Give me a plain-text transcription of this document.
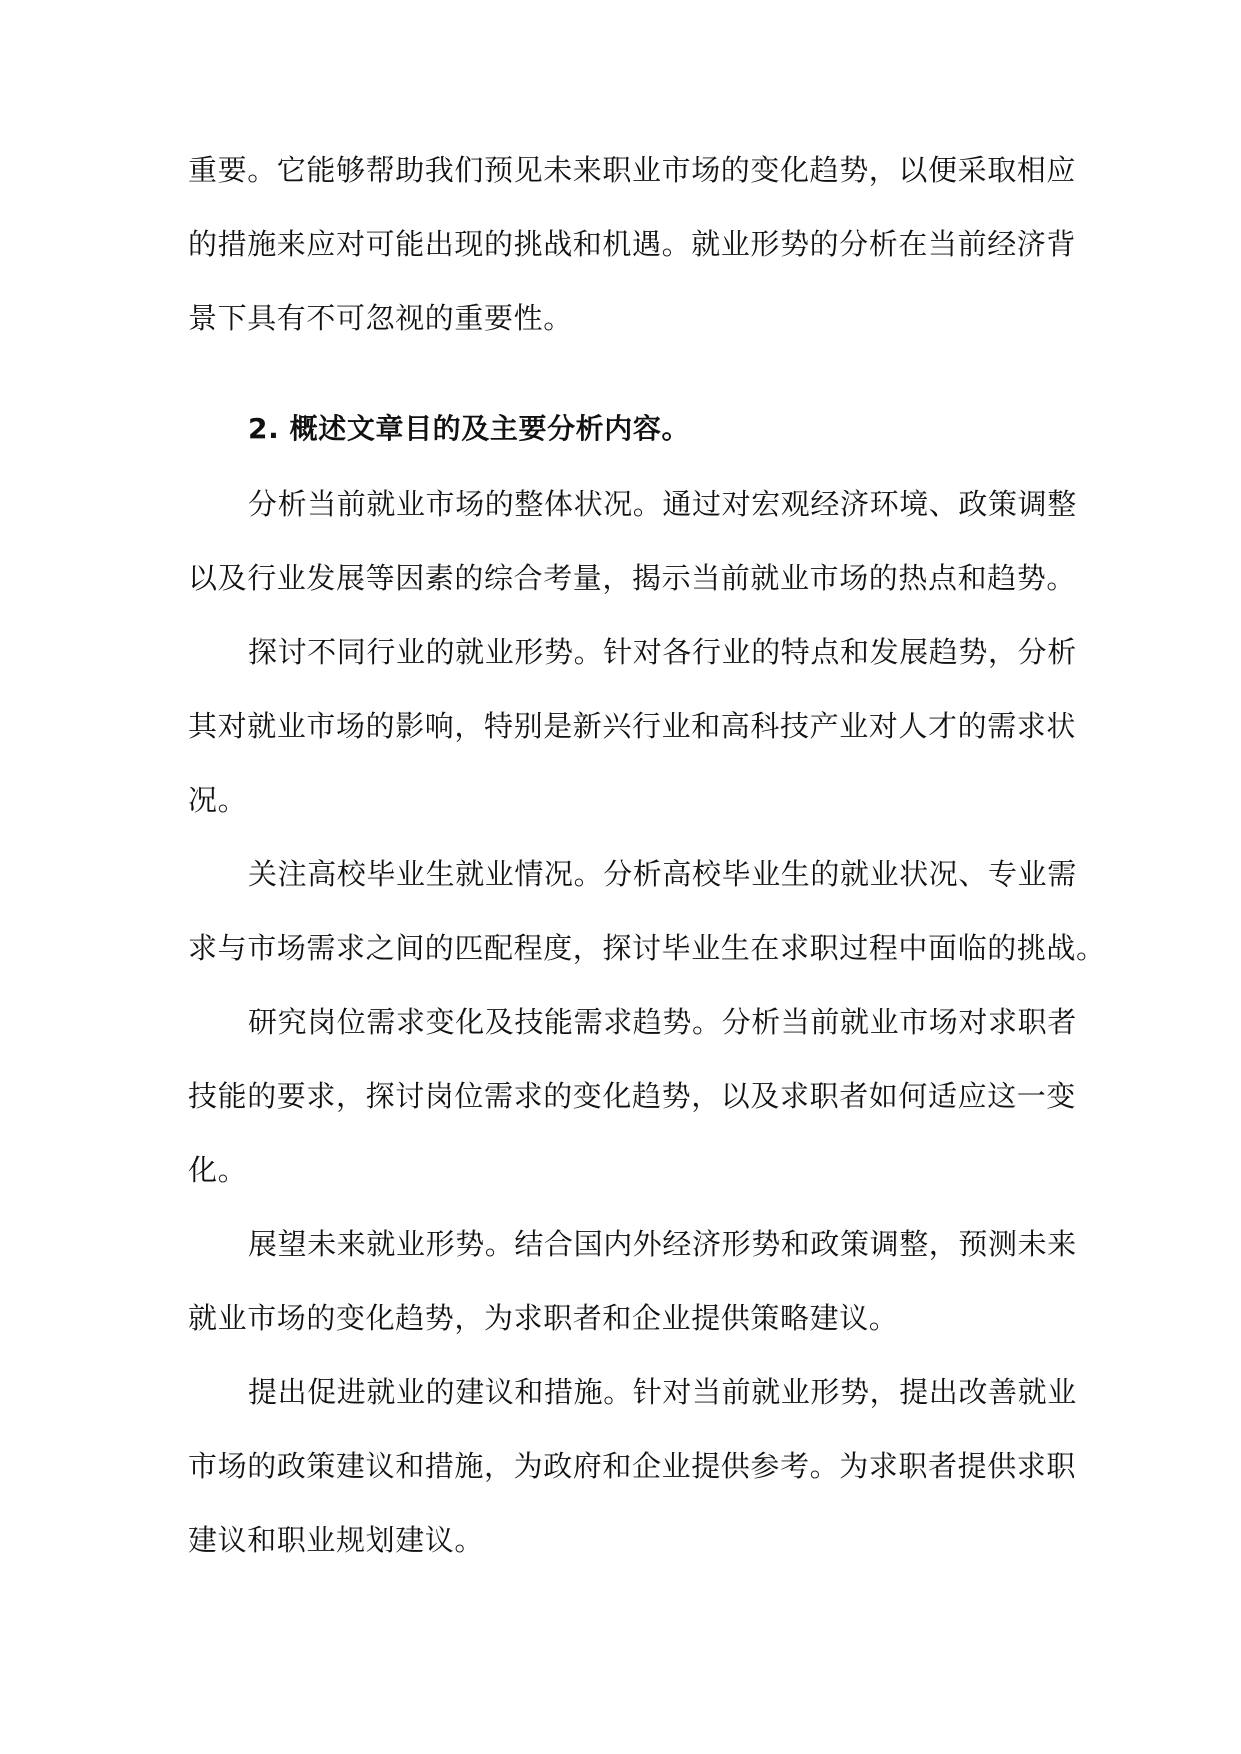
重要。它能够帮助我们预见未来职业市场的变化趋势，以便采取相应
的措施来应对可能出现的挑战和机遇。就业形势的分析在当前经济背
景下具有不可忽视的重要性。
2. 概述文章目的及主要分析内容。
分析当前就业市场的整体状况。通过对宏观经济环境、政策调整
以及行业发展等因素的综合考量，揭示当前就业市场的热点和趋势。
探讨不同行业的就业形势。针对各行业的特点和发展趋势，分析
其对就业市场的影响，特别是新兴行业和高科技产业对人才的需求状
况。
关注高校毕业生就业情况。分析高校毕业生的就业状况、专业需
求与市场需求之间的匹配程度，探讨毕业生在求职过程中面临的挑战。
研究岗位需求变化及技能需求趋势。分析当前就业市场对求职者
技能的要求，探讨岗位需求的变化趋势，以及求职者如何适应这一变
化。
展望未来就业形势。结合国内外经济形势和政策调整，预测未来
就业市场的变化趋势，为求职者和企业提供策略建议。
提出促进就业的建议和措施。针对当前就业形势，提出改善就业
市场的政策建议和措施，为政府和企业提供参考。为求职者提供求职
建议和职业规划建议。
